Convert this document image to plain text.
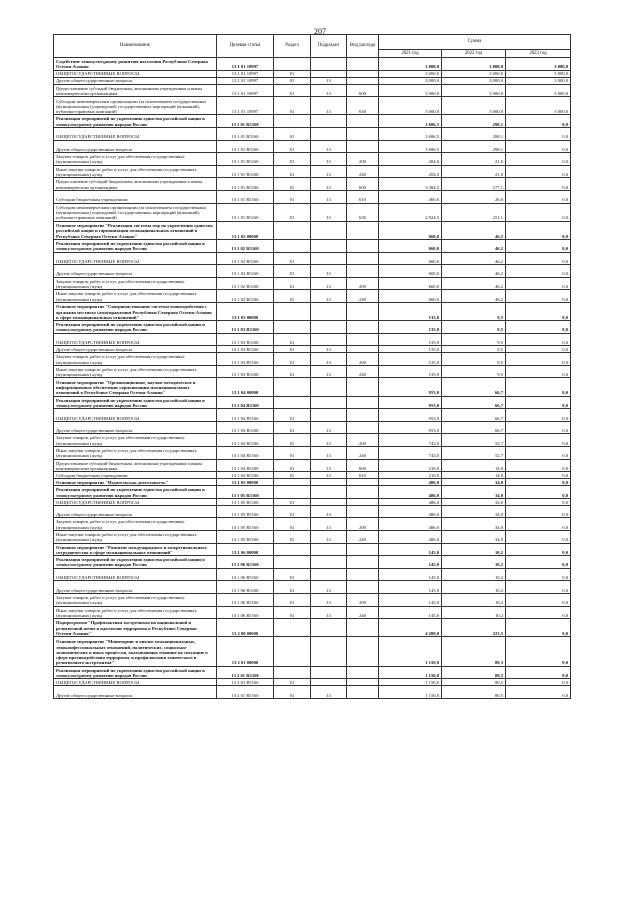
207
Наименование	Целевая статья	Раздел	Подраздел	Вид расхода	Сумма		
					2021 год	2022 год	2023 год
Содействие этнокультурному развитию населения Республики Северная Осетия-Алания	13 1 01 10997				3 000,0	3 000,0	3 000,0
ОБЩЕГОСУДАРСТВЕННЫЕ ВОПРОСЫ	13 1 01 10997	01			3 000,0	3 000,0	3 000,0
Другие общегосударственные вопросы	13 1 01 10997	01	13		3 000,0	3 000,0	3 000,0
Предоставление субсидий бюджетным, автономным учреждениям и иным некоммерческим организациям	13 1 01 10997	01	13	600	3 000,0	3 000,0	3 000,0
Субсидии некоммерческим организациям (за исключением государственных (муниципальных) учреждений, государственных корпораций (компаний), публично-правовых компаний)	13 1 01 10997	01	13	630	3 000,0	3 000,0	3 000,0
Реализация мероприятий по укреплению единства российской нации и этнокультурному развитию народов России	13 1 01 R5160				3 686,5	298,1	0,0
ОБЩЕГОСУДАРСТВЕННЫЕ ВОПРОСЫ	13 1 01 R5160	01			3 686,5	298,1	0,0
Другие общегосударственные вопросы	13 1 01 R5160	01	13		3 686,5	298,1	0,0
Закупка товаров, работ и услуг для обеспечения государственных (муниципальных) нужд	13 1 01 R5160	01	13	200	204,0	21,0	0,0
Иные закупки товаров, работ и услуг для обеспечения государственных (муниципальных) нужд	13 1 01 R5160	01	13	240	204,0	21,0	0,0
Предоставление субсидий бюджетным, автономным учреждениям и иным некоммерческим организациям	13 1 01 R5160	01	13	600	3 384,5	277,1	0,0
Субсидии бюджетным учреждениям	13 1 01 R5160	01	13	610	460,0	26,0	0,0
Субсидии некоммерческим организациям (за исключением государственных (муниципальных) учреждений, государственных корпораций (компаний), публично-правовых компаний)	13 1 01 R5160	01	13	630	2 924,5	251,1	0,0
Основное мероприятие "Реализация системы мер по укреплению единства российской нации и гармонизации межнациональных отношений в Республике Северная Осетия-Алания"	13 1 02 00000				660,0	46,2	0,0
Реализация мероприятий по укреплению единства российской нации и этнокультурному развитию народов России	13 1 02 R5160				660,0	46,2	0,0
ОБЩЕГОСУДАРСТВЕННЫЕ ВОПРОСЫ	13 1 02 R5160	01			660,0	46,2	0,0
Другие общегосударственные вопросы	13 1 02 R5160	01	13		660,0	46,2	0,0
Закупка товаров, работ и услуг для обеспечения государственных (муниципальных) нужд	13 1 02 R5160	01	13	200	660,0	46,2	0,0
Иные закупки товаров, работ и услуг для обеспечения государственных (муниципальных) нужд	13 1 02 R5160	01	13	240	660,0	46,2	0,0
Основное мероприятие "Совершенствование системы взаимодействия с органами местного самоуправления Республики Северная Осетия-Алания в сфере межнациональных отношений"	13 1 03 00000				135,0	9,5	0,0
Реализация мероприятий по укреплению единства российской нации и этнокультурному развитию народов России	13 1 03 R5160				135,0	9,5	0,0
ОБЩЕГОСУДАРСТВЕННЫЕ ВОПРОСЫ	13 1 03 R5160	01			135,0	9,5	0,0
Другие общегосударственные вопросы	13 1 03 R5160	01	13		135,0	9,5	0,0
Закупка товаров, работ и услуг для обеспечения государственных (муниципальных) нужд	13 1 03 R5160	01	13	200	135,0	9,5	0,0
Иные закупки товаров, работ и услуг для обеспечения государственных (муниципальных) нужд	13 1 03 R5160	01	13	240	135,0	9,5	0,0
Основное мероприятие "Организационное, научно-методическое и информационное обеспечение гармонизации межнациональных отношений в Республике Северная Осетия-Алания"	13 1 04 00000				953,0	66,7	0,0
Реализация мероприятий по укреплению единства российской нации и этнокультурному развитию народов России	13 1 04 R5160				953,0	66,7	0,0
ОБЩЕГОСУДАРСТВЕННЫЕ ВОПРОСЫ	13 1 04 R5160	01			953,0	66,7	0,0
Другие общегосударственные вопросы	13 1 04 R5160	01	13		953,0	66,7	0,0
Закупка товаров, работ и услуг для обеспечения государственных (муниципальных) нужд	13 1 04 R5160	01	13	200	743,0	52,7	0,0
Иные закупки товаров, работ и услуг для обеспечения государственных (муниципальных) нужд	13 1 04 R5160	01	13	240	743,0	52,7	0,0
Предоставление субсидий бюджетным, автономным учреждениям и иным некоммерческим организациям	13 1 04 R5160	01	13	600	210,0	14,0	0,0
Субсидии бюджетным учреждениям	13 1 04 R5160	01	13	610	210,0	14,0	0,0
Основное мероприятие "Издательская деятельность"	13 1 05 00000				486,0	34,0	0,0
Реализация мероприятий по укреплению единства российской нации и этнокультурному развитию народов России	13 1 05 R5160				486,0	34,0	0,0
ОБЩЕГОСУДАРСТВЕННЫЕ ВОПРОСЫ	13 1 05 R5160	01			486,0	34,0	0,0
Другие общегосударственные вопросы	13 1 05 R5160	01	13		486,0	34,0	0,0
Закупка товаров, работ и услуг для обеспечения государственных (муниципальных) нужд	13 1 05 R5160	01	13	200	486,0	34,0	0,0
Иные закупки товаров, работ и услуг для обеспечения государственных (муниципальных) нужд	13 1 05 R5160	01	13	240	486,0	34,0	0,0
Основное мероприятие "Развитие международного и межрегионального сотрудничества в сфере межнациональных отношений"	13 1 06 00000				145,0	10,2	0,0
Реализация мероприятий по укреплению единства российской нации и этнокультурному развитию народов России	13 1 06 R5160				145,0	10,2	0,0
ОБЩЕГОСУДАРСТВЕННЫЕ ВОПРОСЫ	13 1 06 R5160	01			145,0	10,2	0,0
Другие общегосударственные вопросы	13 1 06 R5160	01	13		145,0	10,2	0,0
Закупка товаров, работ и услуг для обеспечения государственных (муниципальных) нужд	13 1 06 R5160	01	13	200	145,0	10,2	0,0
Иные закупки товаров, работ и услуг для обеспечения государственных (муниципальных) нужд	13 1 06 R5160	01	13	240	145,0	10,2	0,0
Подпрограмма "Профилактика экстремизма на национальной и религиозной почве и идеологии терроризма в Республике Северная Осетия-Алания"	13 2 00 00000				4 200,0	223,5	0,0
Основное мероприятие "Мониторинг и анализ межнациональных, этноконфессиональных отношений, политических, социально-экономических и иных процессов, оказывающих влияние на ситуацию в сфере противодействия терроризму и профилактики этнического и религиозного экстремизма"	13 2 01 00000				1 150,0	80,5	0,0
Реализация мероприятий по укреплению единства российской нации и этнокультурному развитию народов России	13 2 01 R5160				1 150,0	80,5	0,0
ОБЩЕГОСУДАРСТВЕННЫЕ ВОПРОСЫ	13 2 01 R5160	01			1 150,0	80,5	0,0
Другие общегосударственные вопросы	13 2 01 R5160	01	13		1 150,0	80,5	0,0
